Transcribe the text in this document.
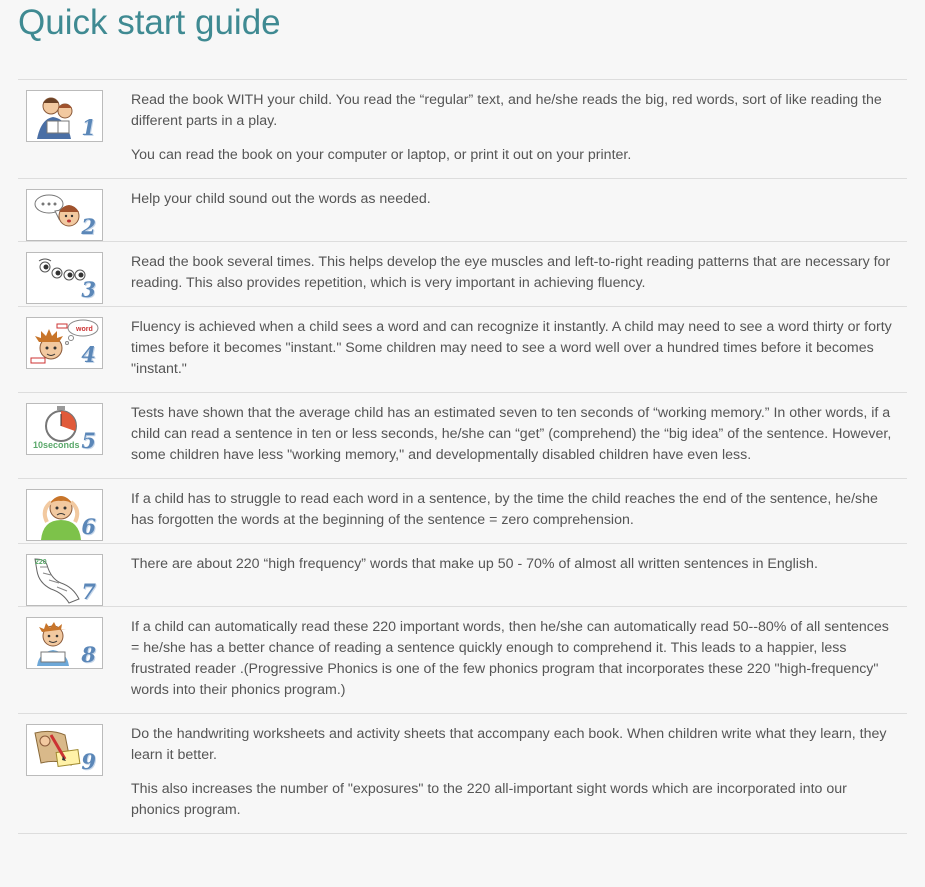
Quick start guide
1	Read the book WITH your child. You read the “regular” text, and he/she reads the big, red words, sort of like reading the different parts in a play.

You can read the book on your computer or laptop, or print it out on your printer.

2	Help your child sound out the words as needed.

3	Read the book several times. This helps develop the eye muscles and left-to-right reading patterns that are necessary for reading. This also provides repetition, which is very important in achieving fluency.

word
4	Fluency is achieved when a child sees a word and can recognize it instantly. A child may need to see a word thirty or forty times before it becomes "instant." Some children may need to see a word well over a hundred times before it becomes "instant."

10seconds 5	Tests have shown that the average child has an estimated seven to ten seconds of “working memory.” In other words, if a child can read a sentence in ten or less seconds, he/she can “get” (comprehend) the “big idea” of the sentence. However, some children have less "working memory," and developmentally disabled children have even less.

6	If a child has to struggle to read each word in a sentence, by the time the child reaches the end of the sentence, he/she has forgotten the words at the beginning of the sentence = zero comprehension.

220
7	There are about 220 “high frequency” words that make up 50 - 70% of almost all written sentences in English.

8	If a child can automatically read these 220 important words, then he/she can automatically read 50--80% of all sentences = he/she has a better chance of reading a sentence quickly enough to comprehend it. This leads to a happier, less frustrated reader .(Progressive Phonics is one of the few phonics program that incorporates these 220 "high-frequency" words into their phonics program.)

9	Do the handwriting worksheets and activity sheets that accompany each book. When children write what they learn, they learn it better.

This also increases the number of "exposures" to the 220 all-important sight words which are incorporated into our phonics program.
